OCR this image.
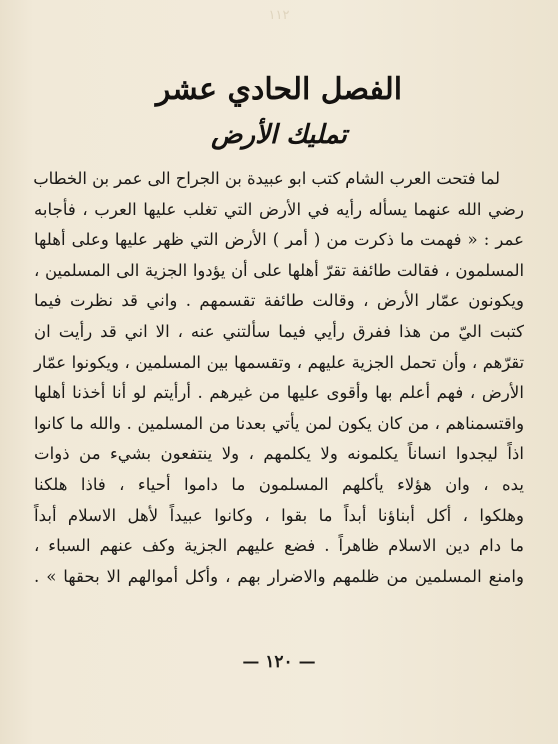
١١٢
الفصل الحادي عشر
تمليك الأرض
لما فتحت العرب الشام كتب ابو عبيدة بن الجراح الى عمر بن الخطاب
رضي الله عنهما يسأله رأيه في الأرض التي تغلب عليها العرب ، فأجابه
عمر : « فهمت ما ذكرت من ( أمر ) الأرض التي ظهر عليها وعلى أهلها
المسلمون ، فقالت طائفة تقرّ أهلها على أن يؤدوا الجزية الى المسلمين ،
ويكونون عمّار الأرض ، وقالت طائفة تقسمهم . واني قد نظرت فيما
كتبت اليّ من هذا ففرق رأيي فيما سألتني عنه ، الا اني قد رأيت ان
تقرّهم ، وأن تحمل الجزية عليهم ، وتقسمها بين المسلمين ، ويكونوا عمّار
الأرض ، فهم أعلم بها وأقوى عليها من غيرهم . أرأيتم لو أنا أخذنا أهلها
واقتسمناهم ، من كان يكون لمن يأتي بعدنا من المسلمين . والله ما كانوا
اذاً ليجدوا انساناً يكلمونه ولا يكلمهم ، ولا ينتفعون بشيء من ذوات
يده ، وان هؤلاء يأكلهم المسلمون ما داموا أحياء ، فاذا هلكنا
وهلكوا ، أكل أبناؤنا أبداً ما بقوا ، وكانوا عبيداً لأهل الاسلام أبداً
ما دام دين الاسلام ظاهراً . فضع عليهم الجزية وكف عنهم السباء ،
وامنع المسلمين من ظلمهم والاضرار بهم ، وأكل أموالهم الا بحقها » .
— ١٢٠ —
